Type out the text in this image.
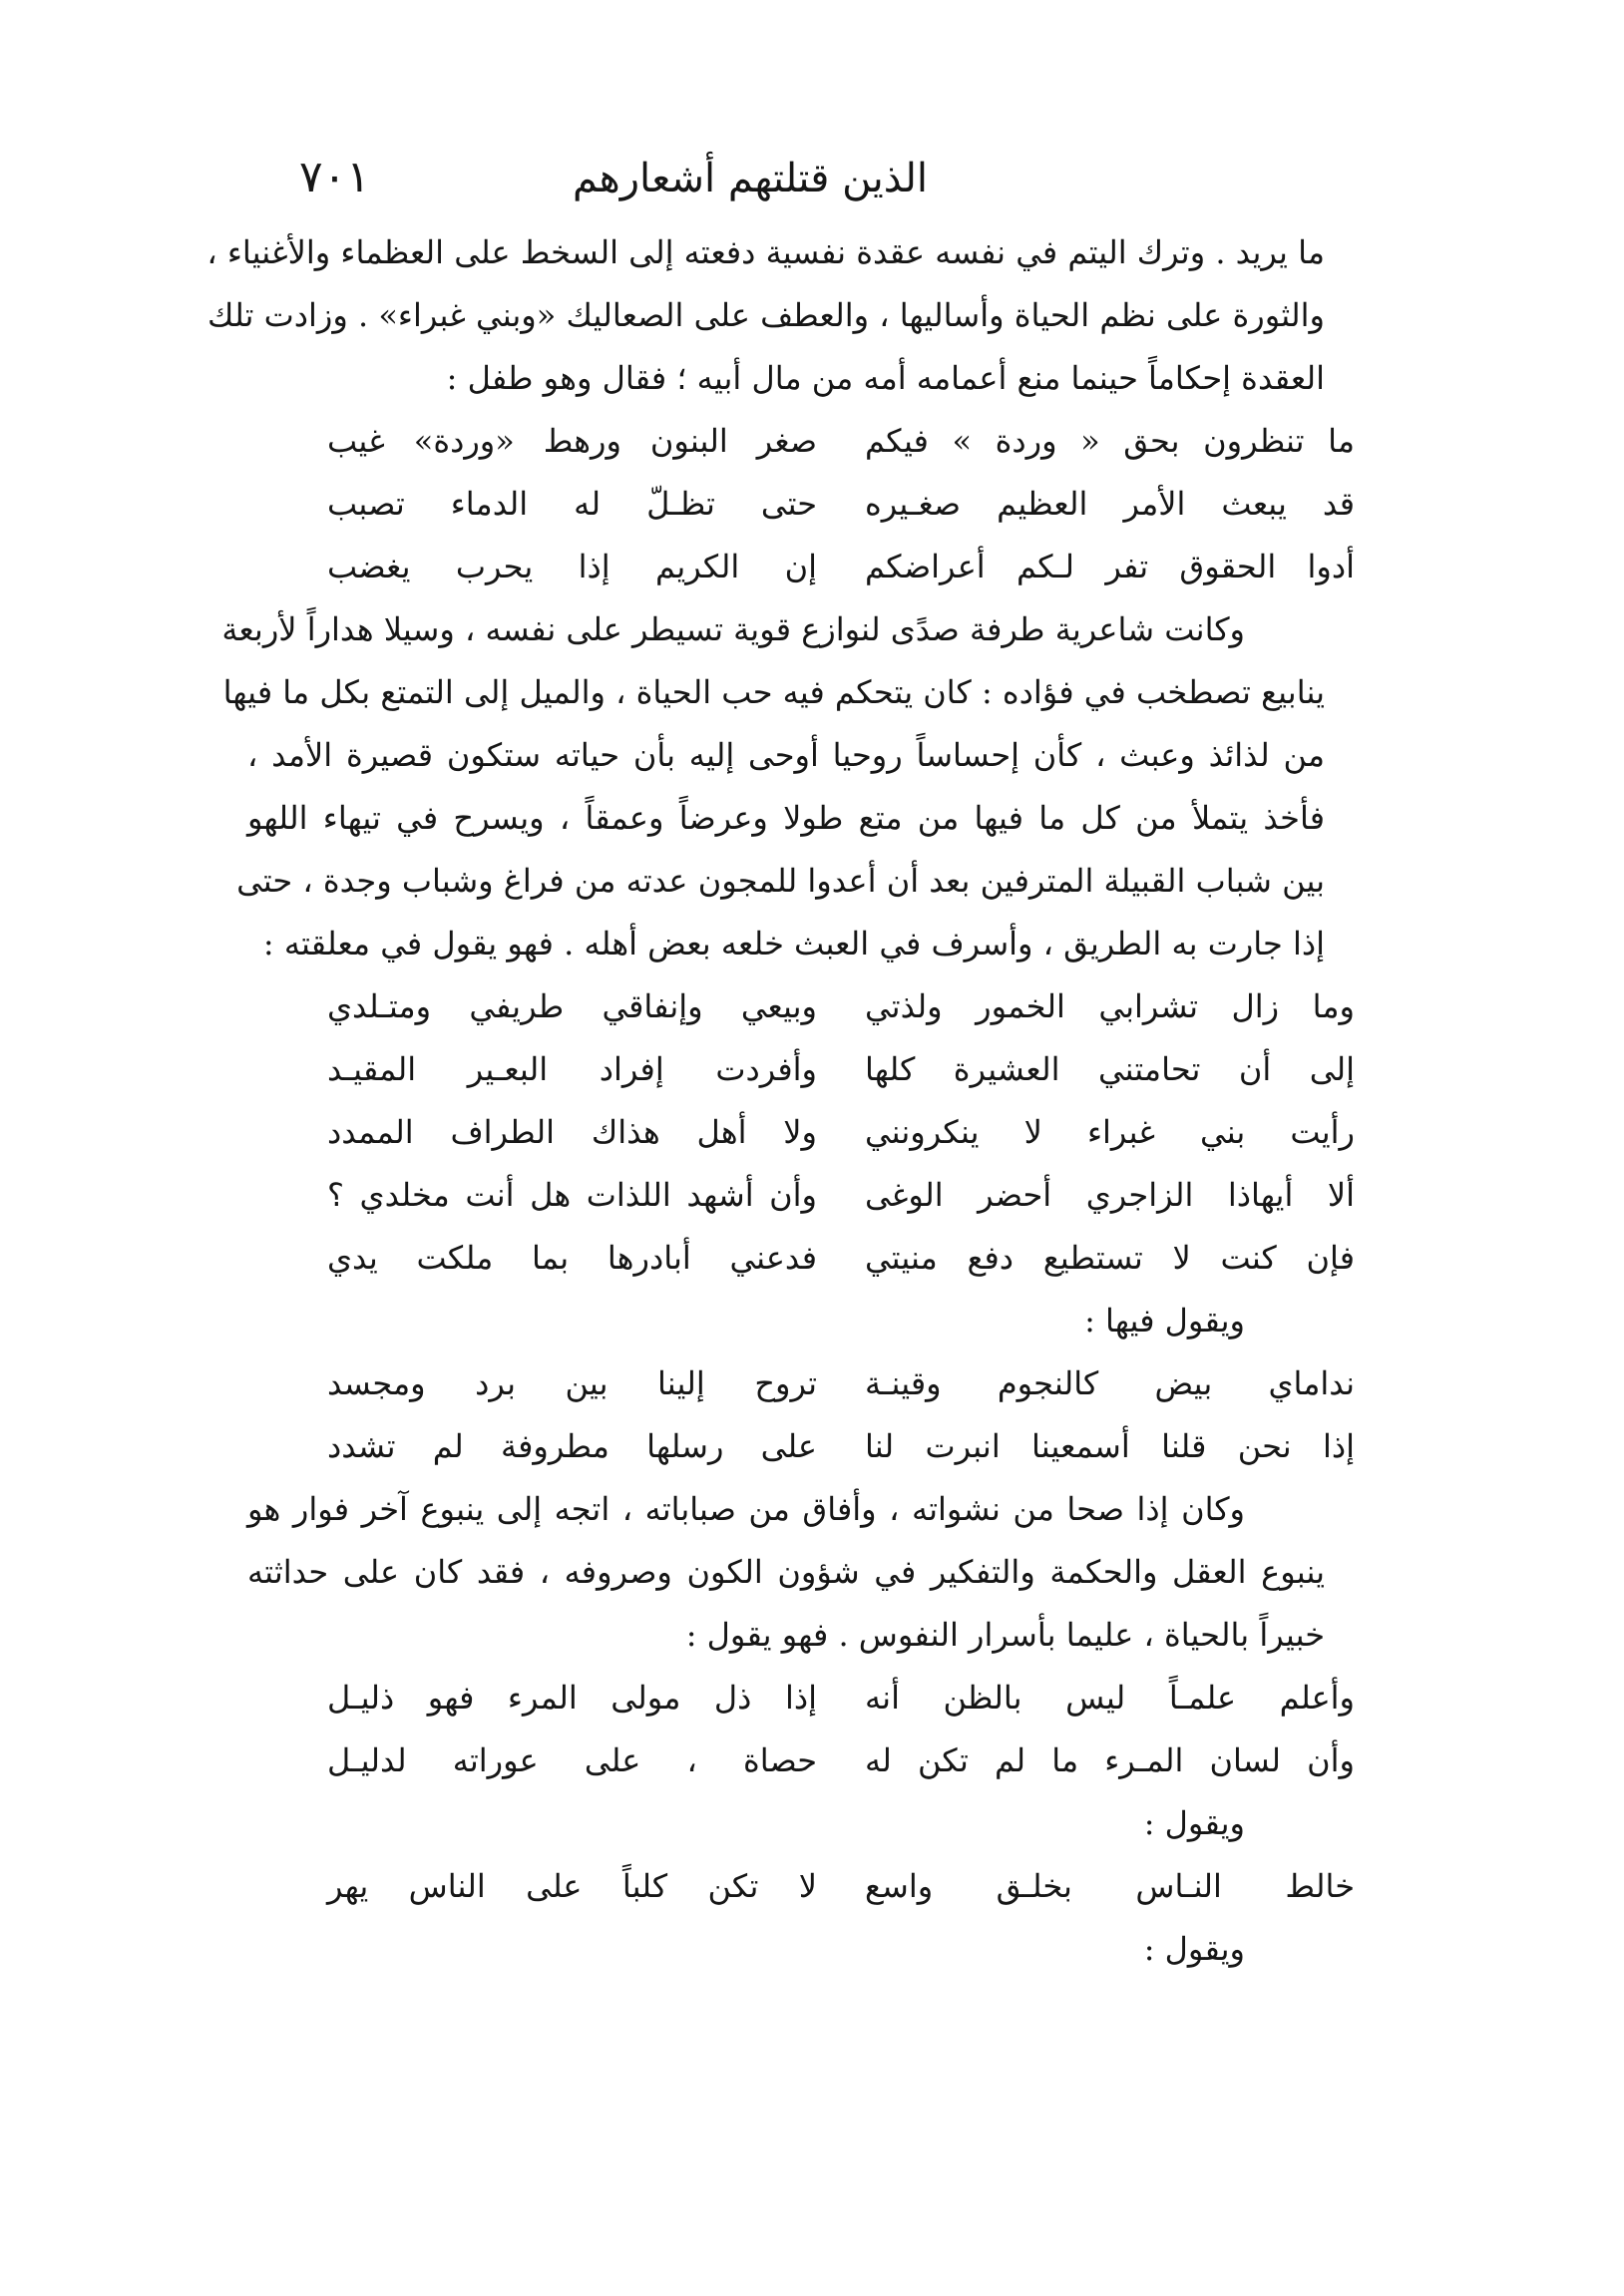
الذين قتلتهم أشعارهم
٧٠١
ما يريد . وترك اليتم في نفسه عقدة نفسية دفعته إلى السخط على العظماء والأغنياء ،
والثورة على نظم الحياة وأساليها ، والعطف على الصعاليك «وبني غبراء» . وزادت تلك
العقدة إحكاماً حينما منع أعمامه أمه من مال أبيه ؛ فقال وهو طفل :
ما تنظرون بحق « وردة » فيكم
صغر البنون ورهط «وردة» غيب
قد يبعث الأمر العظيم صغـيره
حتى تظـلّ له الدماء تصبب
أدوا الحقوق تفر لـكم أعراضكم
إن الكريم إذا يحرب يغضب
وكانت شاعرية طرفة صدًى لنوازع قوية تسيطر على نفسه ، وسيلا هداراً لأربعة
ينابيع تصطخب في فؤاده : كان يتحكم فيه حب الحياة ، والميل إلى التمتع بكل ما فيها
من لذائذ وعبث ، كأن إحساساً روحيا أوحى إليه بأن حياته ستكون قصيرة الأمد ،
فأخذ يتملأ من كل ما فيها من متع طولا وعرضاً وعمقاً ، ويسرح في تيهاء اللهو
بين شباب القبيلة المترفين بعد أن أعدوا للمجون عدته من فراغ وشباب وجدة ، حتى
إذا جارت به الطريق ، وأسرف في العبث خلعه بعض أهله . فهو يقول في معلقته :
وما زال تشرابي الخمور ولذتي
وبيعي وإنفاقي طريفي ومتـلدي
إلى أن تحامتني العشيرة كلها
وأفردت إفراد البعـير المقيـد
رأيت بني غبراء لا ينكرونني
ولا أهل هذاك الطراف الممدد
ألا أيهاذا الزاجري أحضر الوغى
وأن أشهد اللذات هل أنت مخلدي ؟
فإن كنت لا تستطيع دفع منيتي
فدعني أبادرها بما ملكت يدي
ويقول فيها :
نداماي بيض كالنجوم وقينـة
تروح إلينا بين برد ومجسد
إذا نحن قلنا أسمعينا انبرت لنا
على رسلها مطروفة لم تشدد
وكان إذا صحا من نشواته ، وأفاق من صباباته ، اتجه إلى ينبوع آخر فوار هو
ينبوع العقل والحكمة والتفكير في شؤون الكون وصروفه ، فقد كان على حداثته
خبيراً بالحياة ، عليما بأسرار النفوس . فهو يقول :
وأعلم علمـاً ليس بالظن أنه
إذا ذل مولى المرء فهو ذليـل
وأن لسان المـرء ما لم تكن له
حصاة ، على عوراته لدليـل
ويقول :
خالط النـاس بخلـق واسع
لا تكن كلباً على الناس يهر
ويقول :
